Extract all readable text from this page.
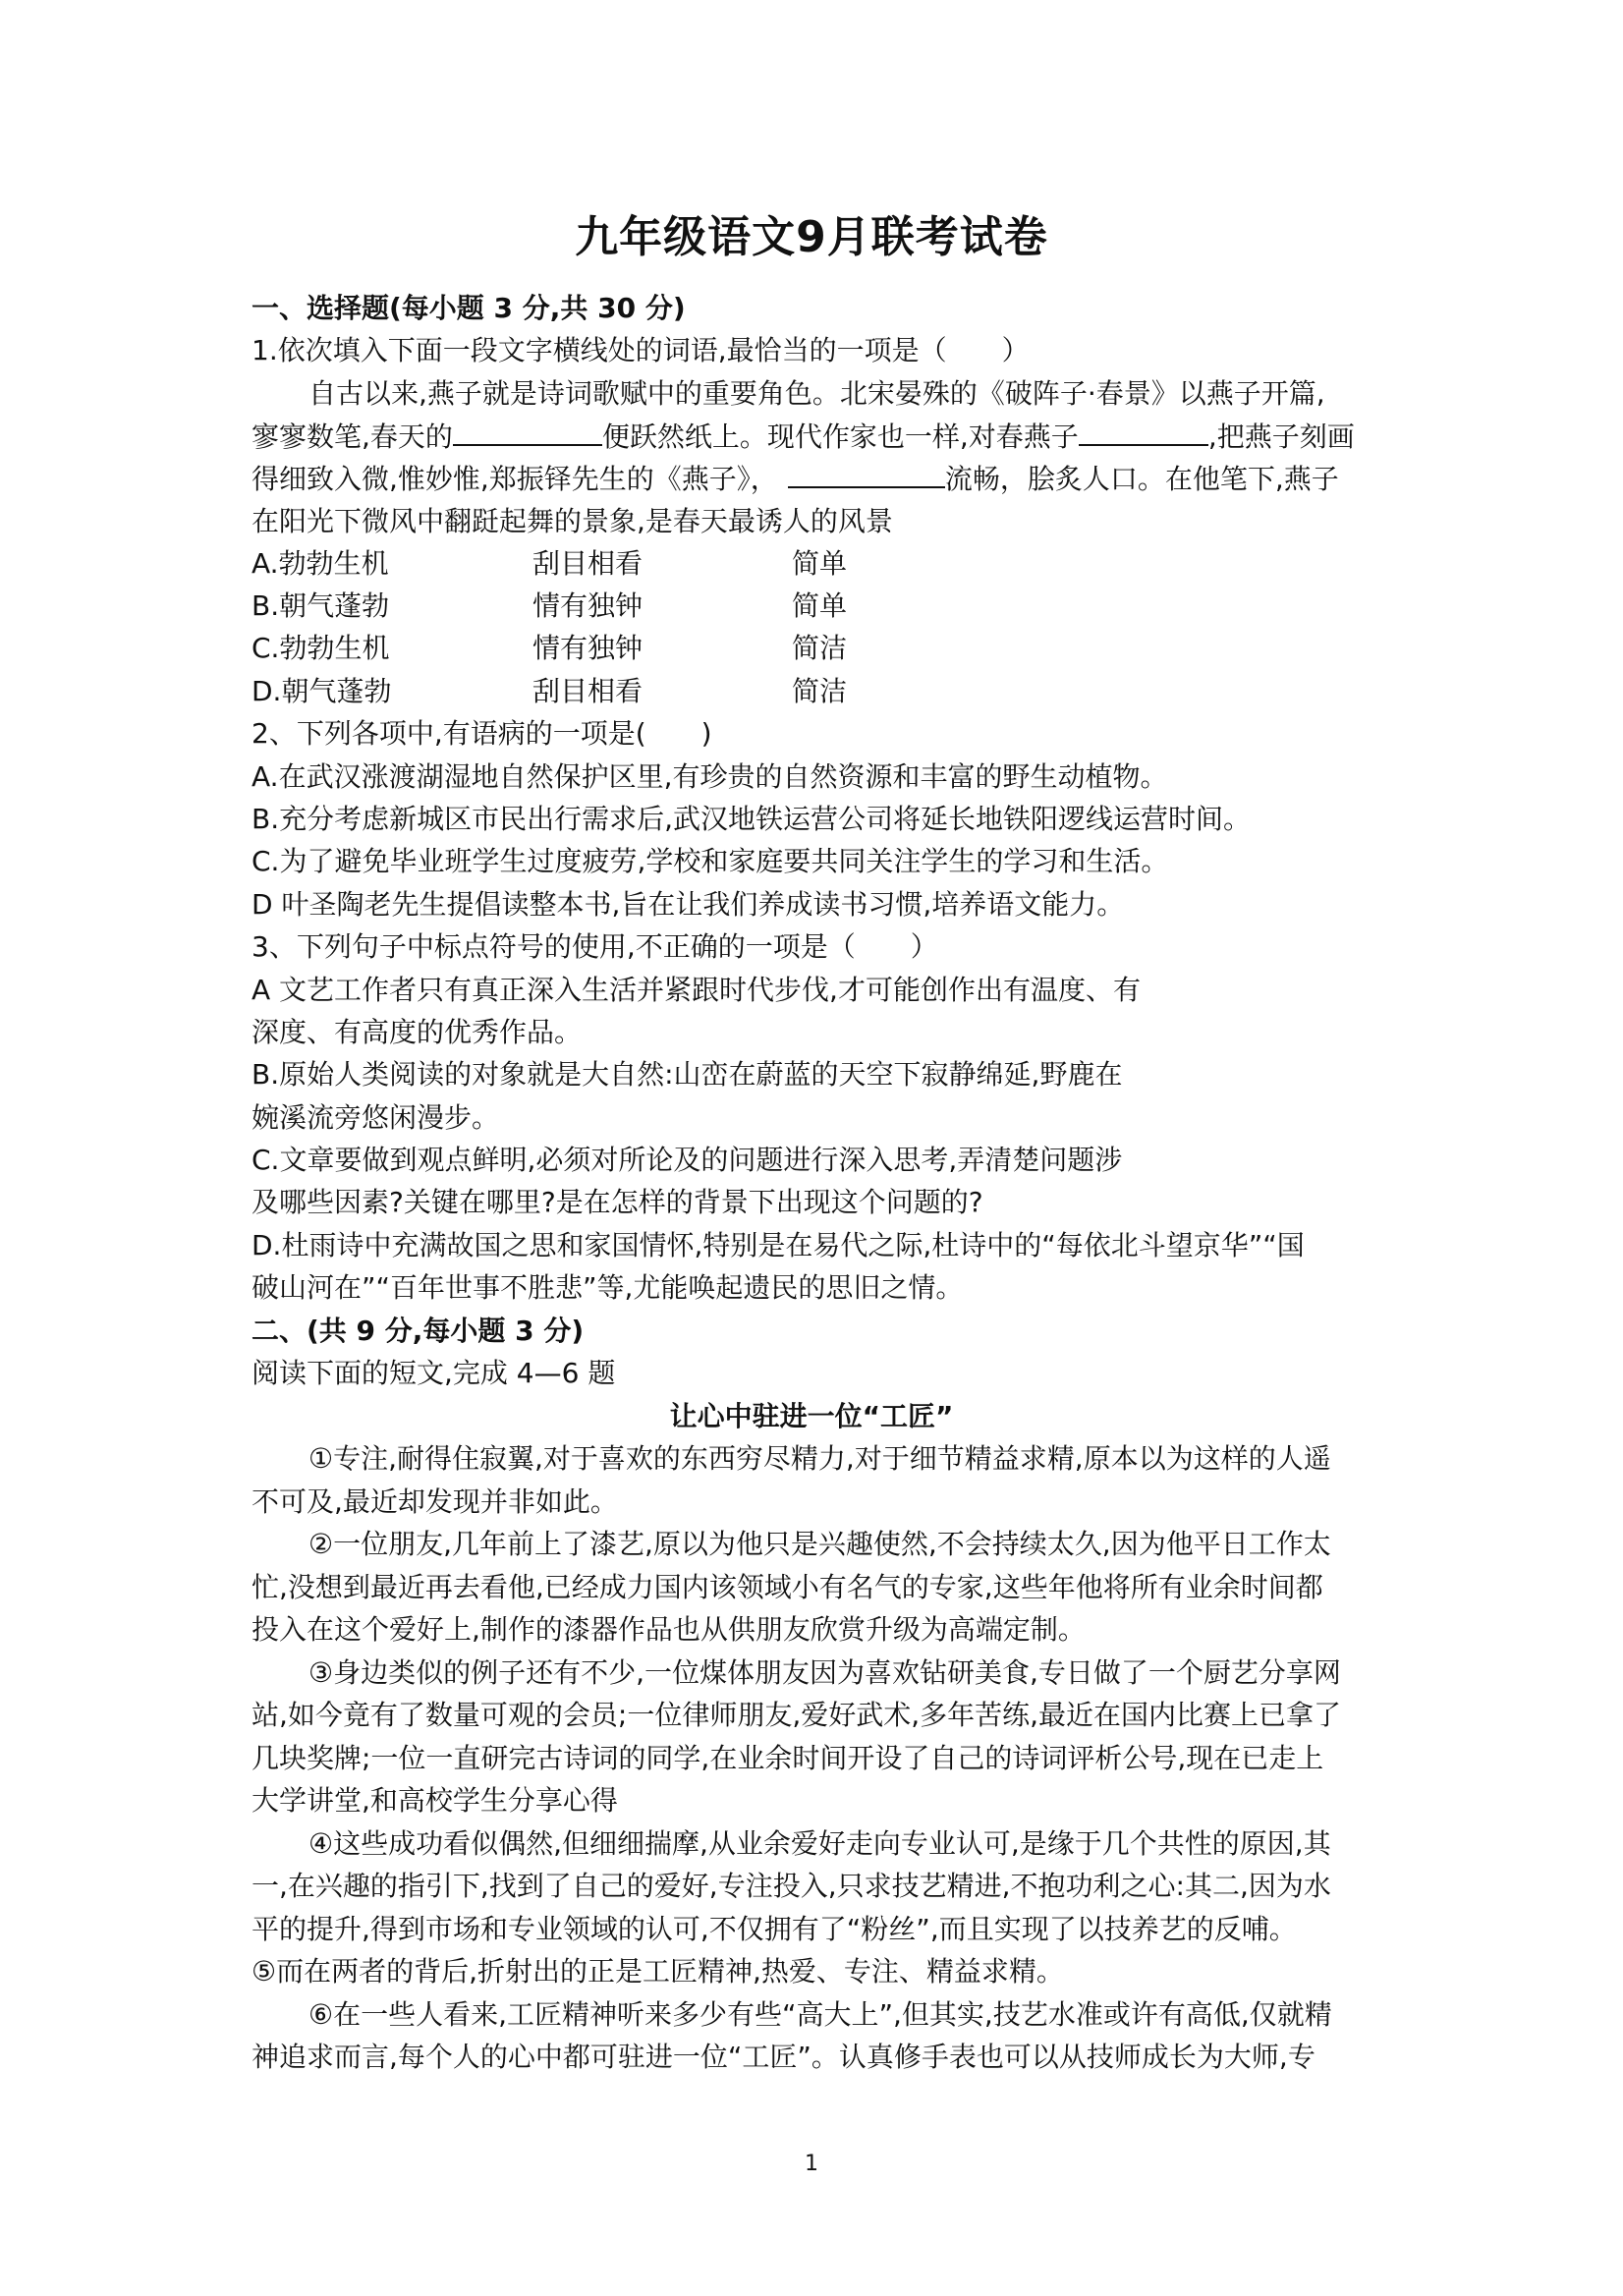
九年级语文9月联考试卷
一、选择题(每小题 3 分,共 30 分)
1.依次填入下面一段文字横线处的词语,最恰当的一项是（　　）
自古以来,燕子就是诗词歌赋中的重要角色。北宋晏殊的《破阵子·春景》以燕子开篇,
寥寥数笔,春天的	便跃然纸上。现代作家也一样,对春燕子	,把燕子刻画
得细致入微,惟妙惟,郑振铎先生的《燕子》，	流畅，脍炙人口。在他笔下,燕子
在阳光下微风中翻跹起舞的景象,是春天最诱人的风景
A.勃勃生机	刮目相看	简单
B.朝气蓬勃	情有独钟	简单
C.勃勃生机	情有独钟	简洁
D.朝气蓬勃	刮目相看	简洁
2、下列各项中,有语病的一项是(　　)
A.在武汉涨渡湖湿地自然保护区里,有珍贵的自然资源和丰富的野生动植物。
B.充分考虑新城区市民出行需求后,武汉地铁运营公司将延长地铁阳逻线运营时间。
C.为了避免毕业班学生过度疲劳,学校和家庭要共同关注学生的学习和生活。
D 叶圣陶老先生提倡读整本书,旨在让我们养成读书习惯,培养语文能力。
3、下列句子中标点符号的使用,不正确的一项是（　　）
A 文艺工作者只有真正深入生活并紧跟时代步伐,才可能创作出有温度、有
深度、有高度的优秀作品。
B.原始人类阅读的对象就是大自然:山峦在蔚蓝的天空下寂静绵延,野鹿在
婉溪流旁悠闲漫步。
C.文章要做到观点鲜明,必须对所论及的问题进行深入思考,弄清楚问题涉
及哪些因素?关键在哪里?是在怎样的背景下出现这个问题的?
D.杜雨诗中充满故国之思和家国情怀,特别是在易代之际,杜诗中的“每依北斗望京华”“国
破山河在”“百年世事不胜悲”等,尤能唤起遗民的思旧之情。
二、(共 9 分,每小题 3 分)
阅读下面的短文,完成 4—6 题
让心中驻进一位“工匠”
①专注,耐得住寂翼,对于喜欢的东西穷尽精力,对于细节精益求精,原本以为这样的人遥
不可及,最近却发现并非如此。
②一位朋友,几年前上了漆艺,原以为他只是兴趣使然,不会持续太久,因为他平日工作太
忙,没想到最近再去看他,已经成力国内该领域小有名气的专家,这些年他将所有业余时间都
投入在这个爱好上,制作的漆器作品也从供朋友欣赏升级为高端定制。
③身边类似的例子还有不少,一位煤体朋友因为喜欢钻研美食,专日做了一个厨艺分享网
站,如今竟有了数量可观的会员;一位律师朋友,爱好武术,多年苦练,最近在国内比赛上已拿了
几块奖牌;一位一直研完古诗词的同学,在业余时间开设了自己的诗词评析公号,现在已走上
大学讲堂,和高校学生分享心得
④这些成功看似偶然,但细细揣摩,从业余爱好走向专业认可,是缘于几个共性的原因,其
一,在兴趣的指引下,找到了自己的爱好,专注投入,只求技艺精进,不抱功利之心:其二,因为水
平的提升,得到市场和专业领域的认可,不仅拥有了“粉丝”,而且实现了以技养艺的反哺。
⑤而在两者的背后,折射出的正是工匠精神,热爱、专注、精益求精。
⑥在一些人看来,工匠精神听来多少有些“高大上”,但其实,技艺水准或许有高低,仅就精
神追求而言,每个人的心中都可驻进一位“工匠”。认真修手表也可以从技师成长为大师,专
1
